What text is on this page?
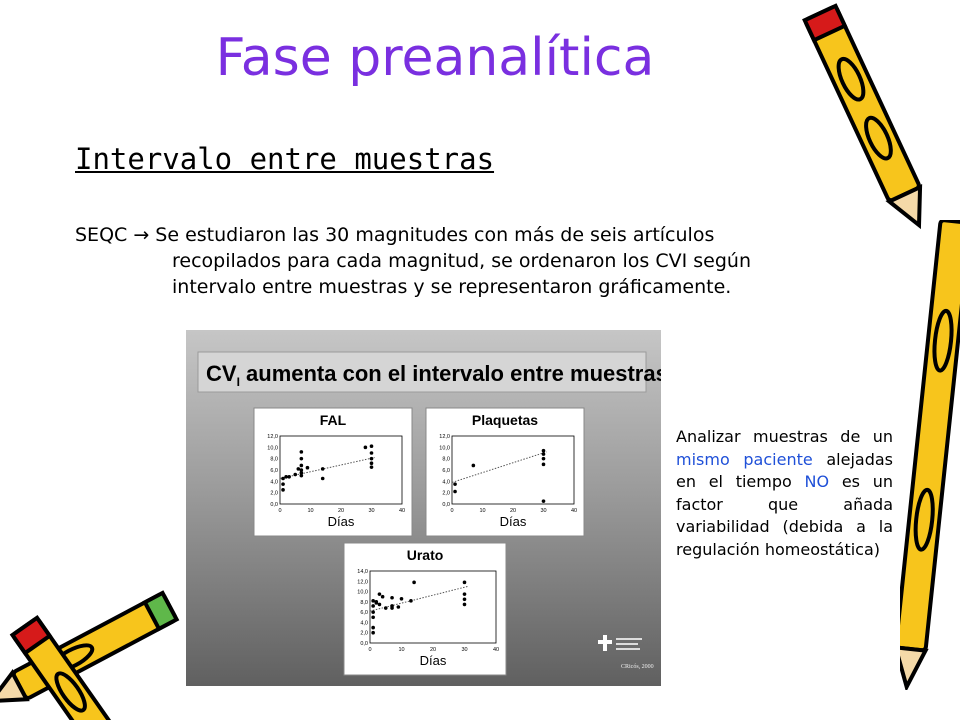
Fase preanalítica
Intervalo entre muestras
SEQC → Se estudiaron las 30 magnitudes con más de seis artículos
recopilados para cada magnitud, se ordenaron los CVI según
intervalo entre muestras y se representaron gráficamente.
$CV_I$ aumenta con el intervalo entre muestras
FAL
0,0
2,0
4,0
6,0
8,0
10,0
12,0
0	10	20	30	40
Días
Plaquetas
0,0
2,0
4,0
6,0
8,0
10,0
12,0
0	10	20	30	40
Días
Urato
0,0
2,0
4,0
6,0
8,0
10,0
12,0
14,0
0	10	20	30	40
Días	CRicós, 2000
Analizar muestras de un mismo paciente alejadas en el tiempo NO es un factor que añada variabilidad (debida a la regulación homeostática)
